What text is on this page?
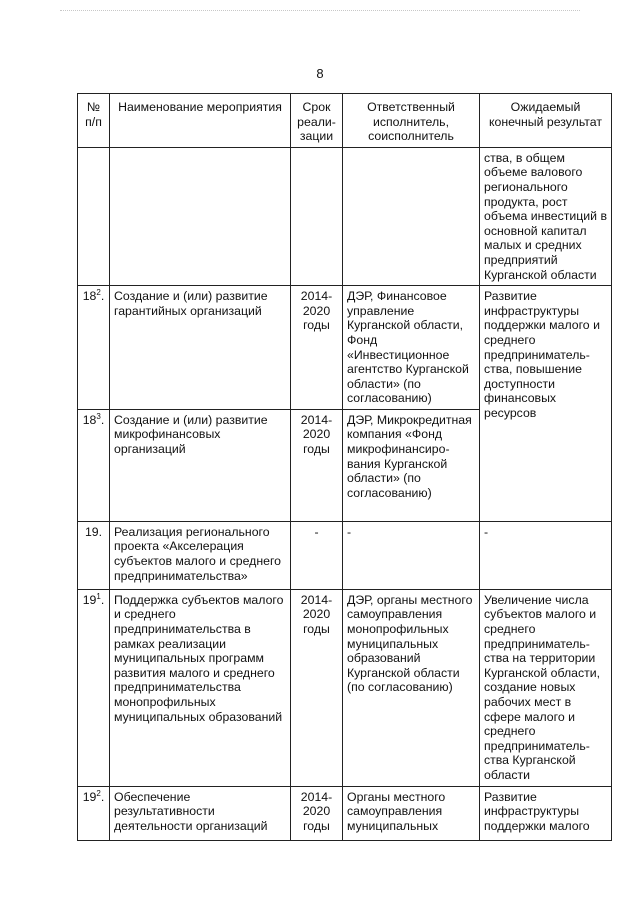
8
№ п/п	Наименование мероприятия	Срок реали-зации	Ответственный исполнитель, соисполнитель	Ожидаемый конечный результат
				ства, в общем объеме валового регионального продукта, рост объема инвестиций в основной капитал малых и средних предприятий Курганской области
$18^2$.	Создание и (или) развитие гарантийных организаций	2014-2020 годы	ДЭР, Финансовое управление Курганской области, Фонд «Инвестиционное агентство Курганской области» (по согласованию)	Развитие инфраструктуры поддержки малого и среднего предприниматель-ства, повышение доступности финансовых ресурсов
$18^3$.	Создание и (или) развитие микрофинансовых организаций	2014-2020 годы	ДЭР, Микрокредитная компания «Фонд микрофинансиро-вания Курганской области» (по согласованию)	
19.	Реализация регионального проекта «Акселерация субъектов малого и среднего предпринимательства»	-	-	-
$19^1$.	Поддержка субъектов малого и среднего предпринимательства в рамках реализации муниципальных программ развития малого и среднего предпринимательства монопрофильных муниципальных образований	2014-2020 годы	ДЭР, органы местного самоуправления монопрофильных муниципальных образований Курганской области (по согласованию)	Увеличение числа субъектов малого и среднего предприниматель-ства на территории Курганской области, создание новых рабочих мест в сфере малого и среднего предприниматель-ства Курганской области
$19^2$.	Обеспечение результативности деятельности организаций	2014-2020 годы	Органы местного самоуправления муниципальных	Развитие инфраструктуры поддержки малого
